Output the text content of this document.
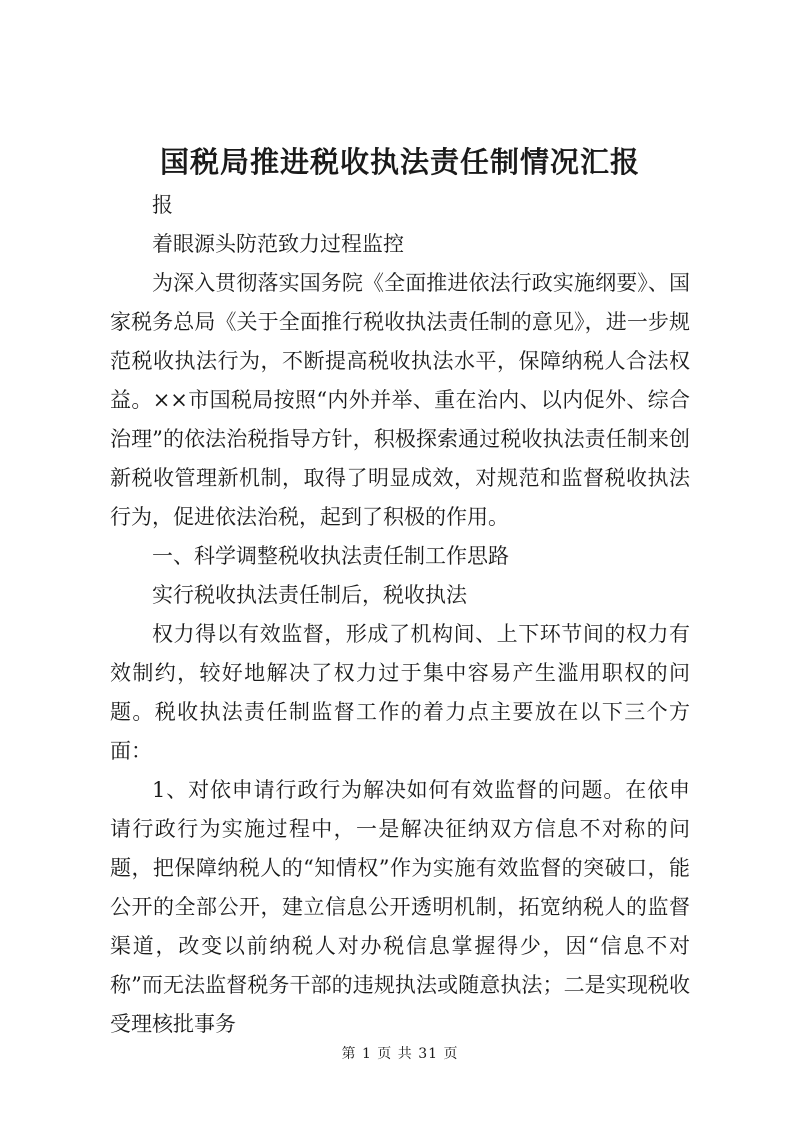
国税局推进税收执法责任制情况汇报

报

着眼源头防范致力过程监控

为深入贯彻落实国务院《全面推进依法行政实施纲要》、国家税务总局《关于全面推行税收执法责任制的意见》，进一步规范税收执法行为，不断提高税收执法水平，保障纳税人合法权益。××市国税局按照“内外并举、重在治内、以内促外、综合治理”的依法治税指导方针，积极探索通过税收执法责任制来创新税收管理新机制，取得了明显成效，对规范和监督税收执法行为，促进依法治税，起到了积极的作用。

一、科学调整税收执法责任制工作思路

实行税收执法责任制后，税收执法

权力得以有效监督，形成了机构间、上下环节间的权力有效制约，较好地解决了权力过于集中容易产生滥用职权的问题。税收执法责任制监督工作的着力点主要放在以下三个方面：

1、对依申请行政行为解决如何有效监督的问题。在依申请行政行为实施过程中，一是解决征纳双方信息不对称的问题，把保障纳税人的“知情权”作为实施有效监督的突破口，能公开的全部公开，建立信息公开透明机制，拓宽纳税人的监督渠道，改变以前纳税人对办税信息掌握得少，因“信息不对称”而无法监督税务干部的违规执法或随意执法；二是实现税收受理核批事务

第 1 页 共 31 页
